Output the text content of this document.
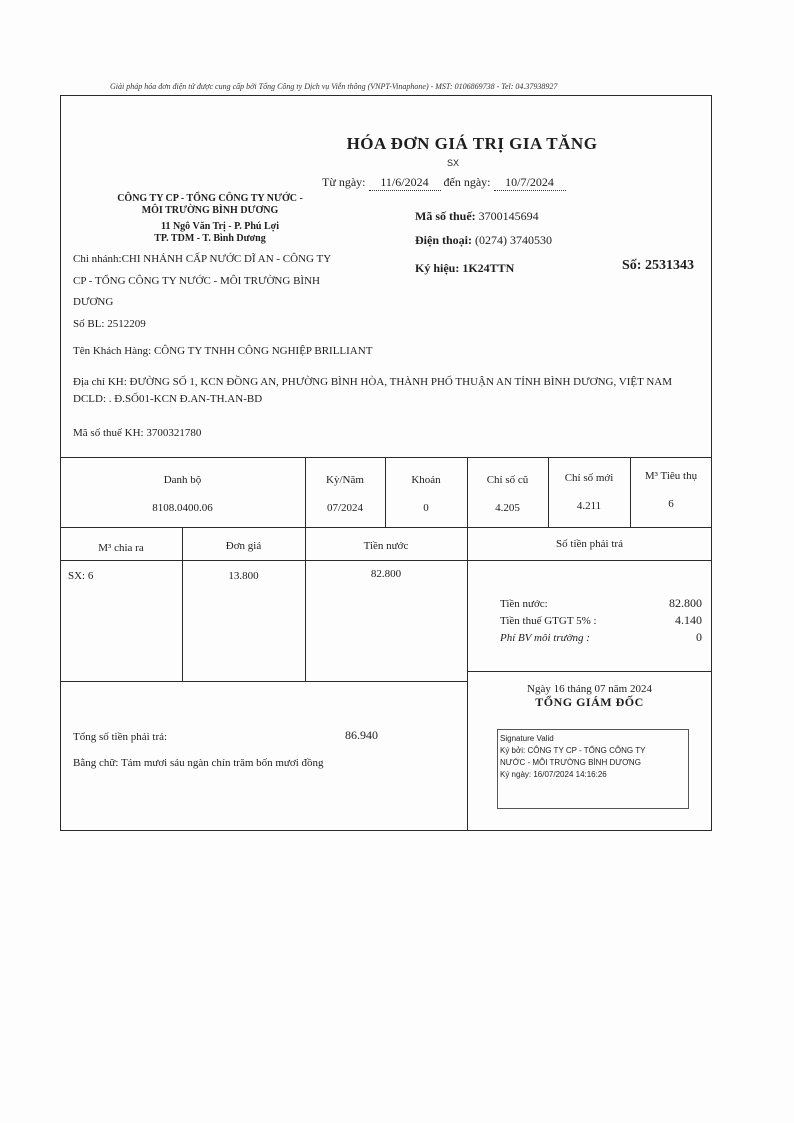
Giải pháp hóa đơn điện tử được cung cấp bởi Tổng Công ty Dịch vụ Viễn thông (VNPT-Vinaphone) - MST: 0106869738 - Tel: 04.37938927
HÓA ĐƠN GIÁ TRỊ GIA TĂNG
SX
Từ ngày: 11/6/2024 đến ngày: 10/7/2024
CÔNG TY CP - TỔNG CÔNG TY NƯỚC -
MÔI TRƯỜNG BÌNH DƯƠNG
11 Ngô Văn Trị - P. Phú Lợi
TP. TDM - T. Bình Dương
Mã số thuế: 3700145694
Điện thoại: (0274) 3740530
Ký hiệu: 1K24TTN	Số: 2531343
Chi nhánh:CHI NHÁNH CẤP NƯỚC DĨ AN - CÔNG TY
CP - TỔNG CÔNG TY NƯỚC - MÔI TRƯỜNG BÌNH
DƯƠNG
Số BL: 2512209
Tên Khách Hàng: CÔNG TY TNHH CÔNG NGHIỆP BRILLIANT
Địa chỉ KH: ĐƯỜNG SỐ 1, KCN ĐỒNG AN, PHƯỜNG BÌNH HÒA, THÀNH PHỐ THUẬN AN TỈNH BÌNH DƯƠNG, VIỆT NAM
DCLD: . Đ.SỐ01-KCN Đ.AN-TH.AN-BD
Mã số thuế KH: 3700321780
Danh bộ	Kỳ/Năm	Khoản	Chỉ số cũ	Chỉ số mới	M³ Tiêu thụ
8108.0400.06	07/2024	0	4.205	4.211	6
M³ chia ra	Đơn giá	Tiền nước	Số tiền phải trả
SX: 6	13.800	82.800
Tiền nước:	82.800
Tiền thuế GTGT 5% :	4.140
Phí BV môi trường :	0
Tổng số tiền phải trả:	86.940
Bằng chữ: Tám mươi sáu ngàn chín trăm bốn mươi đồng
Ngày 16 tháng 07 năm 2024
TỔNG GIÁM ĐỐC
Signature Valid
Ký bởi: CÔNG TY CP - TỔNG CÔNG TY
NƯỚC - MÔI TRƯỜNG BÌNH DƯƠNG
Ký ngày: 16/07/2024 14:16:26
